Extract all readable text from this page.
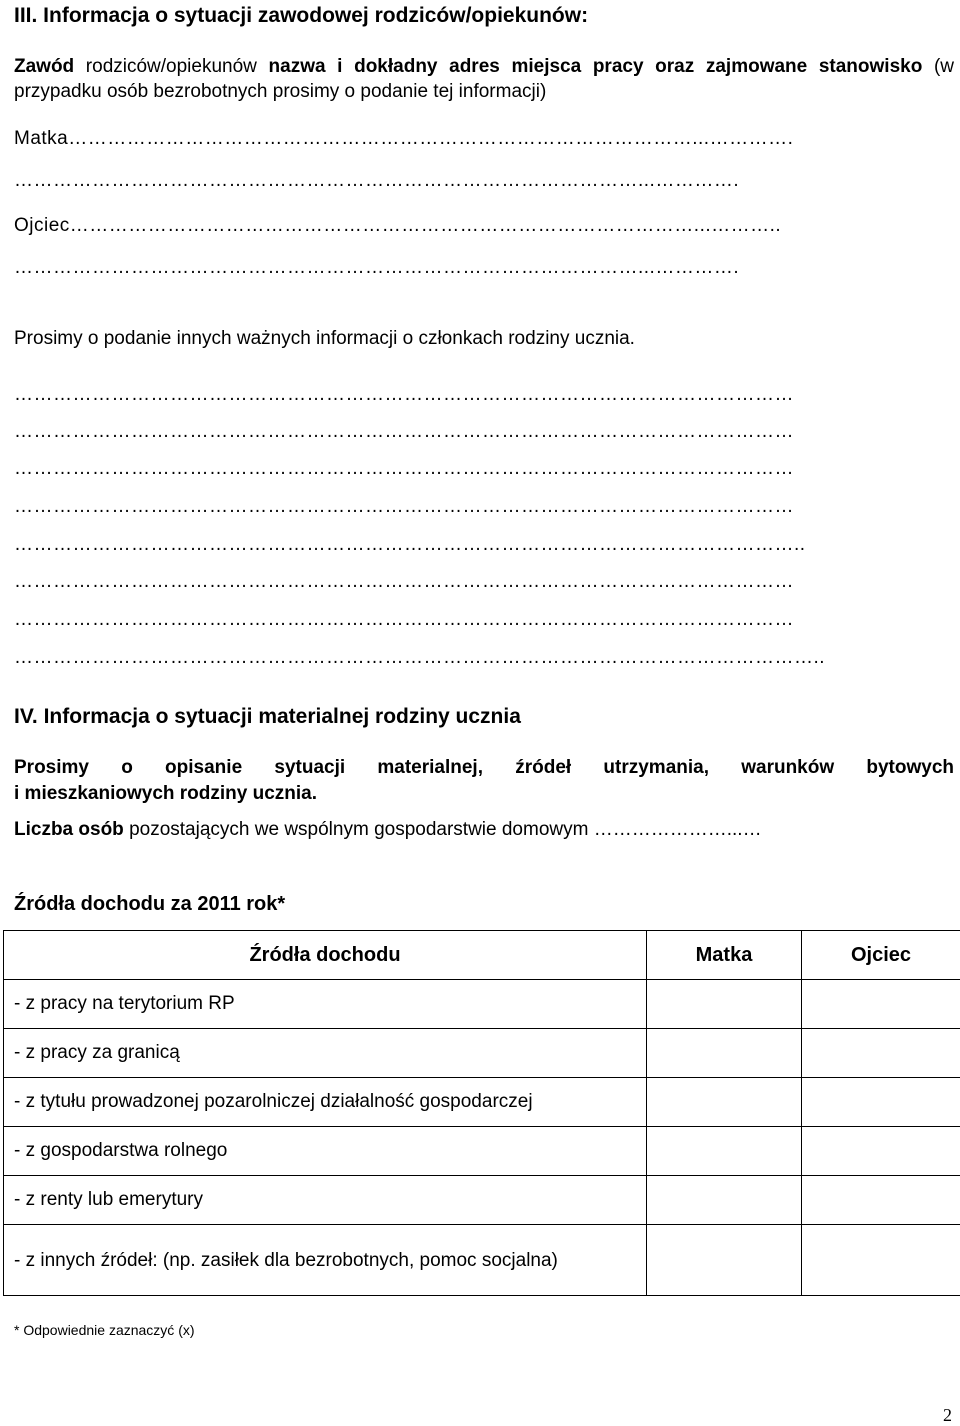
III. Informacja o sytuacji zawodowej rodziców/opiekunów:
Zawód rodziców/opiekunów nazwa i dokładny adres miejsca pracy oraz zajmowane stanowisko (w przypadku osób bezrobotnych prosimy o podanie tej informacji)
Matka……………………………………………………………………………………...………….
……………………………………………………………………………………...………….
Ojciec……………………………………………………………………………………...………..
……………………………………………………………………………………...………….
Prosimy o podanie innych ważnych informacji o członkach rodziny ucznia.
…………………………………………………………………………………………………………
…………………………………………………………………………………………………………
…………………………………………………………………………………………………………
…………………………………………………………………………………………………………
…………………………………………………………………………………………………………..
…………………………………………………………………………………………………………
…………………………………………………………………………………………………………
……………………………………………………………………………………………………………..
IV. Informacja o sytuacji materialnej rodziny ucznia
Prosimy o opisanie sytuacji materialnej, źródeł utrzymania, warunków bytowych
i mieszkaniowych rodziny ucznia.
Liczba osób pozostających we wspólnym gospodarstwie domowym …………………...…
Źródła dochodu za 2011 rok*
Źródła dochodu	Matka	Ojciec
- z pracy na terytorium RP		
- z pracy za granicą		
- z tytułu prowadzonej pozarolniczej działalność gospodarczej		
- z gospodarstwa rolnego		
- z renty lub emerytury		

- z innych źródeł: (np. zasiłek dla bezrobotnych, pomoc socjalna)		

* Odpowiednie zaznaczyć (x)
2
